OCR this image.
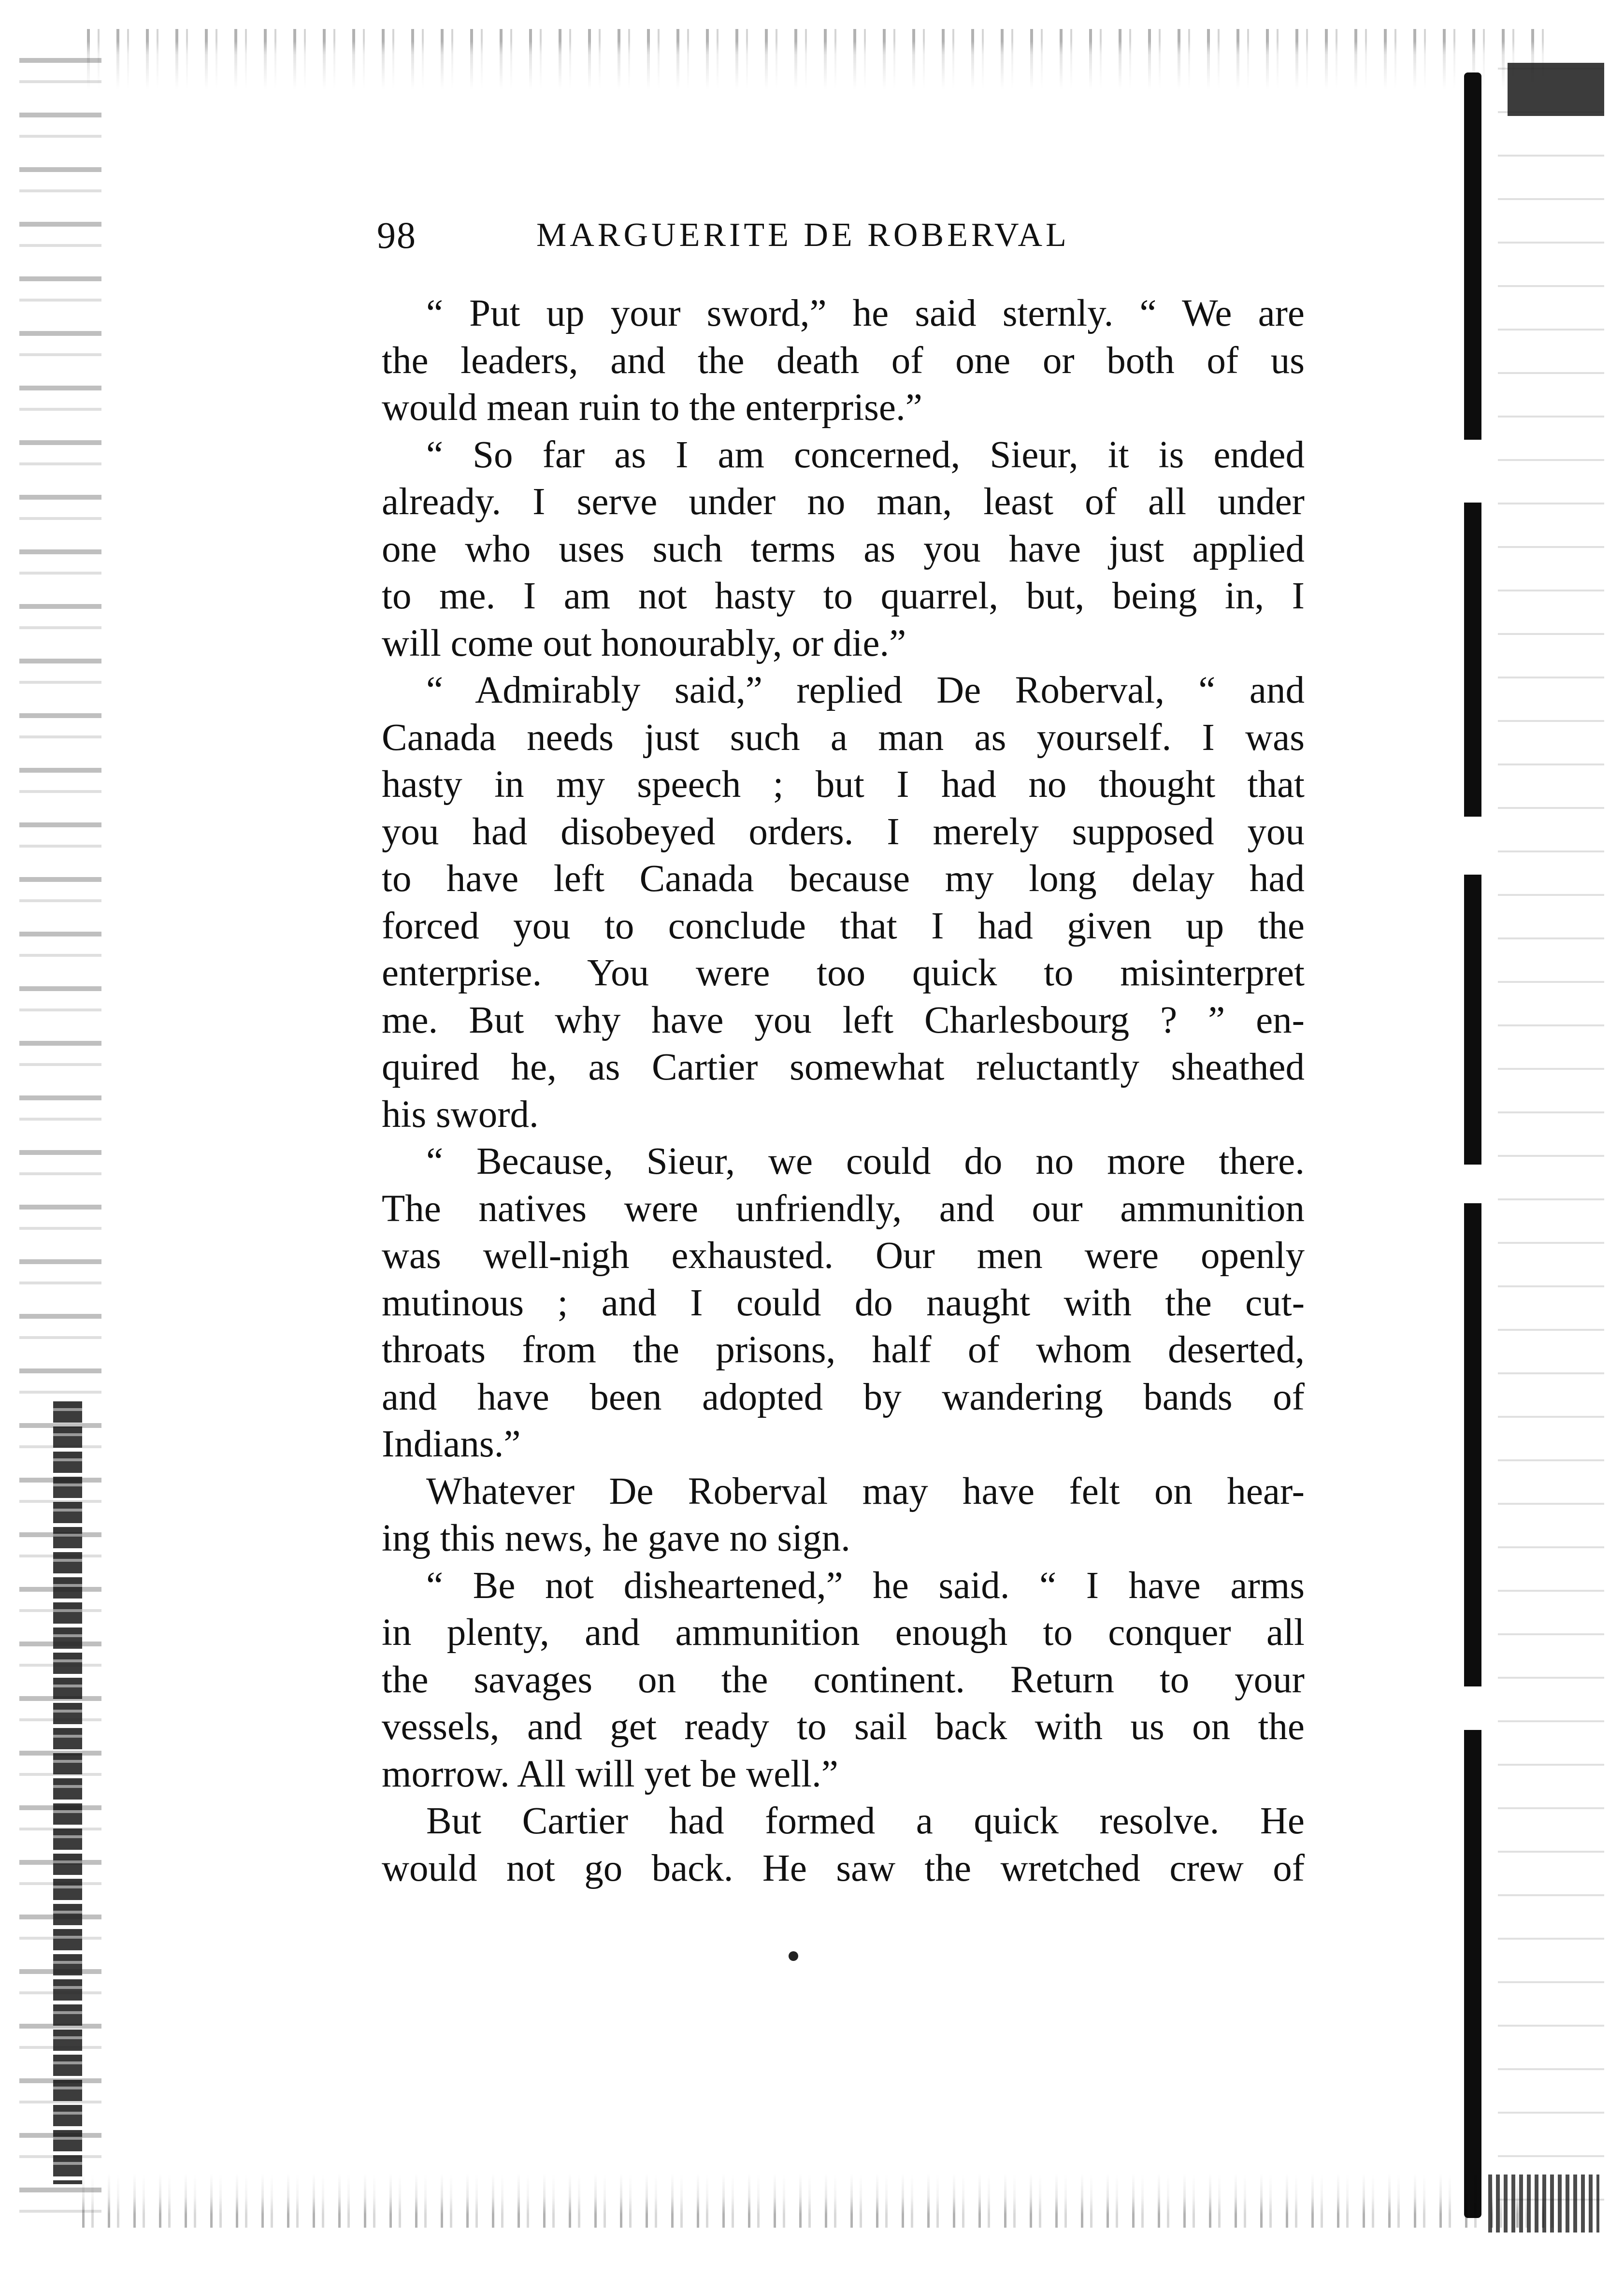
98	MARGUERITE DE ROBERVAL
“ Put up your sword,” he said sternly. “ We are
the leaders, and the death of one or both of us
would mean ruin to the enterprise.”
“ So far as I am concerned, Sieur, it is ended
already. I serve under no man, least of all under
one who uses such terms as you have just applied
to me. I am not hasty to quarrel, but, being in, I
will come out honourably, or die.”
“ Admirably said,” replied De Roberval, “ and
Canada needs just such a man as yourself. I was
hasty in my speech ; but I had no thought that
you had disobeyed orders. I merely supposed you
to have left Canada because my long delay had
forced you to conclude that I had given up the
enterprise. You were too quick to misinterpret
me. But why have you left Charlesbourg ? ” en-
quired he, as Cartier somewhat reluctantly sheathed
his sword.
“ Because, Sieur, we could do no more there.
The natives were unfriendly, and our ammunition
was well-nigh exhausted. Our men were openly
mutinous ; and I could do naught with the cut-
throats from the prisons, half of whom deserted,
and have been adopted by wandering bands of
Indians.”
Whatever De Roberval may have felt on hear-
ing this news, he gave no sign.
“ Be not disheartened,” he said. “ I have arms
in plenty, and ammunition enough to conquer all
the savages on the continent. Return to your
vessels, and get ready to sail back with us on the
morrow. All will yet be well.”
But Cartier had formed a quick resolve. He
would not go back. He saw the wretched crew of
